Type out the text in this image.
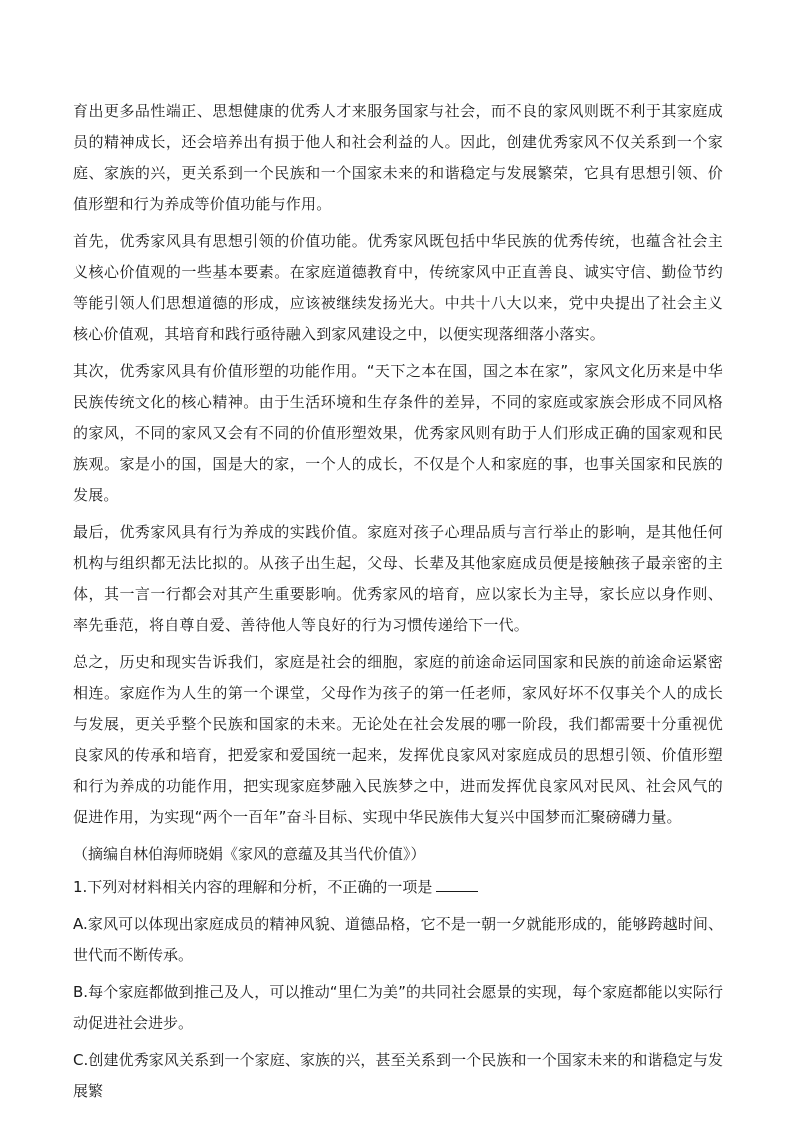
育出更多品性端正、思想健康的优秀人才来服务国家与社会，而不良的家风则既不利于其家庭成员的精神成长，还会培养出有损于他人和社会利益的人。因此，创建优秀家风不仅关系到一个家庭、家族的兴，更关系到一个民族和一个国家未来的和谐稳定与发展繁荣，它具有思想引领、价值形塑和行为养成等价值功能与作用。

首先，优秀家风具有思想引领的价值功能。优秀家风既包括中华民族的优秀传统，也蕴含社会主义核心价值观的一些基本要素。在家庭道德教育中，传统家风中正直善良、诚实守信、勤俭节约等能引领人们思想道德的形成，应该被继续发扬光大。中共十八大以来，党中央提出了社会主义核心价值观，其培育和践行亟待融入到家风建设之中，以便实现落细落小落实。

其次，优秀家风具有价值形塑的功能作用。“天下之本在国，国之本在家”，家风文化历来是中华民族传统文化的核心精神。由于生活环境和生存条件的差异，不同的家庭或家族会形成不同风格的家风，不同的家风又会有不同的价值形塑效果，优秀家风则有助于人们形成正确的国家观和民族观。家是小的国，国是大的家，一个人的成长，不仅是个人和家庭的事，也事关国家和民族的发展。

最后，优秀家风具有行为养成的实践价值。家庭对孩子心理品质与言行举止的影响，是其他任何机构与组织都无法比拟的。从孩子出生起，父母、长辈及其他家庭成员便是接触孩子最亲密的主体，其一言一行都会对其产生重要影响。优秀家风的培育，应以家长为主导，家长应以身作则、率先垂范，将自尊自爱、善待他人等良好的行为习惯传递给下一代。

总之，历史和现实告诉我们，家庭是社会的细胞，家庭的前途命运同国家和民族的前途命运紧密相连。家庭作为人生的第一个课堂，父母作为孩子的第一任老师，家风好坏不仅事关个人的成长与发展，更关乎整个民族和国家的未来。无论处在社会发展的哪一阶段，我们都需要十分重视优良家风的传承和培育，把爱家和爱国统一起来，发挥优良家风对家庭成员的思想引领、价值形塑和行为养成的功能作用，把实现家庭梦融入民族梦之中，进而发挥优良家风对民风、社会风气的促进作用，为实现“两个一百年”奋斗目标、实现中华民族伟大复兴中国梦而汇聚磅礴力量。

（摘编自林伯海师晓娟《家风的意蕴及其当代价值》）

1.下列对材料相关内容的理解和分析，不正确的一项是

A.家风可以体现出家庭成员的精神风貌、道德品格，它不是一朝一夕就能形成的，能够跨越时间、世代而不断传承。

B.每个家庭都做到推己及人，可以推动“里仁为美”的共同社会愿景的实现，每个家庭都能以实际行动促进社会进步。

C.创建优秀家风关系到一个家庭、家族的兴，甚至关系到一个民族和一个国家未来的和谐稳定与发展繁
